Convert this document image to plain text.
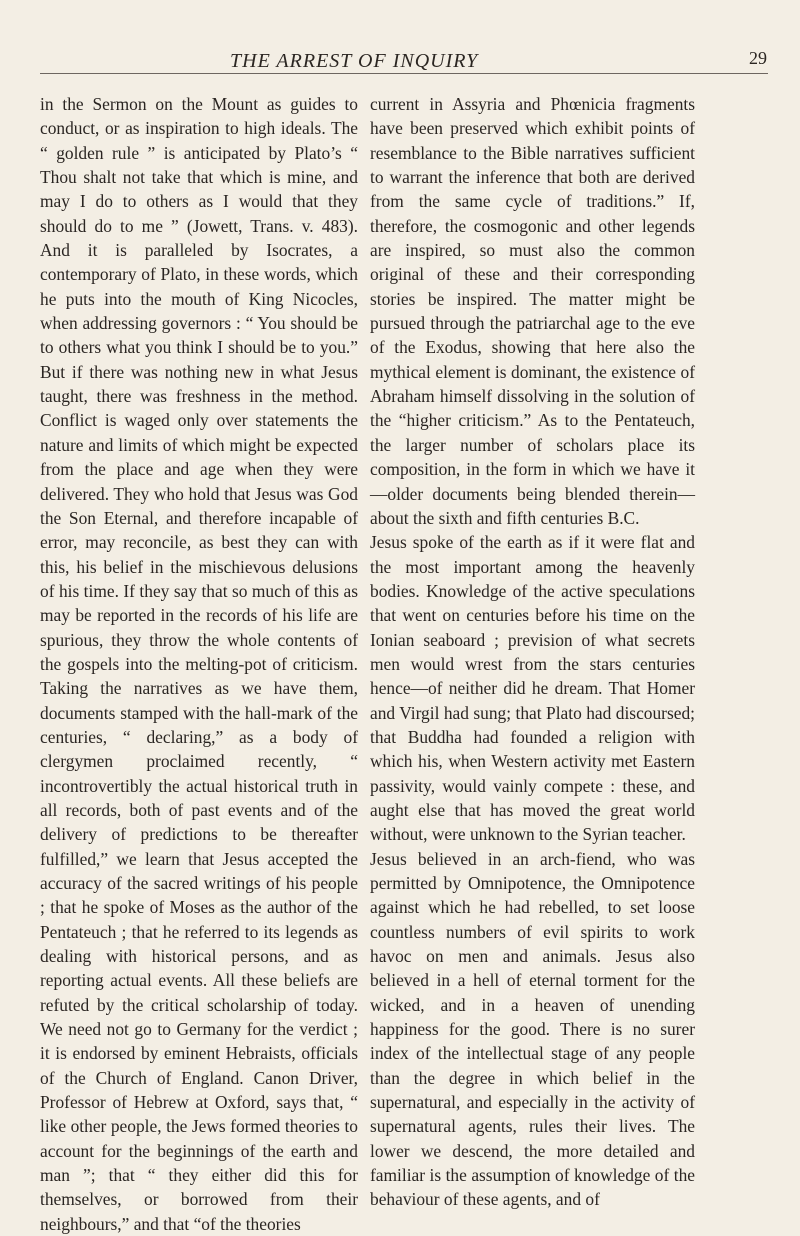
THE ARREST OF INQUIRY	29

in the Sermon on the Mount as guides to conduct, or as inspiration to high ideals. The “ golden rule ” is anticipated by Plato’s “ Thou shalt not take that which is mine, and may I do to others as I would that they should do to me ” (Jowett, Trans. v. 483). And it is paralleled by Isocrates, a contemporary of Plato, in these words, which he puts into the mouth of King Nicocles, when addressing governors : “ You should be to others what you think I should be to you.” But if there was nothing new in what Jesus taught, there was freshness in the method. Conflict is waged only over statements the nature and limits of which might be expected from the place and age when they were delivered. They who hold that Jesus was God the Son Eternal, and therefore incapable of error, may reconcile, as best they can with this, his belief in the mischievous delusions of his time. If they say that so much of this as may be reported in the records of his life are spurious, they throw the whole contents of the gospels into the melting-pot of criticism. Taking the narratives as we have them, documents stamped with the hall-mark of the centuries, “ declaring,” as a body of clergymen proclaimed recently, “ incontrovertibly the actual historical truth in all records, both of past events and of the delivery of predictions to be thereafter fulfilled,” we learn that Jesus accepted the accuracy of the sacred writings of his people ; that he spoke of Moses as the author of the Pentateuch ; that he referred to its legends as dealing with historical persons, and as reporting actual events. All these beliefs are refuted by the critical scholarship of today. We need not go to Germany for the verdict ; it is endorsed by eminent Hebraists, officials of the Church of England. Canon Driver, Professor of Hebrew at Oxford, says that, “ like other people, the Jews formed theories to account for the beginnings of the earth and man ”; that “ they either did this for themselves, or borrowed from their neighbours,” and that “of the theories

current in Assyria and Phœnicia fragments have been preserved which exhibit points of resemblance to the Bible narratives sufficient to warrant the inference that both are derived from the same cycle of traditions.” If, therefore, the cosmogonic and other legends are inspired, so must also the common original of these and their corresponding stories be inspired. The matter might be pursued through the patriarchal age to the eve of the Exodus, showing that here also the mythical element is dominant, the existence of Abraham himself dissolving in the solution of the “higher criticism.” As to the Pentateuch, the larger number of scholars place its composition, in the form in which we have it—older documents being blended therein—about the sixth and fifth centuries B.C.

Jesus spoke of the earth as if it were flat and the most important among the heavenly bodies. Knowledge of the active speculations that went on centuries before his time on the Ionian seaboard ; prevision of what secrets men would wrest from the stars centuries hence—of neither did he dream. That Homer and Virgil had sung; that Plato had discoursed; that Buddha had founded a religion with which his, when Western activity met Eastern passivity, would vainly compete : these, and aught else that has moved the great world without, were unknown to the Syrian teacher.

Jesus believed in an arch-fiend, who was permitted by Omnipotence, the Omnipotence against which he had rebelled, to set loose countless numbers of evil spirits to work havoc on men and animals. Jesus also believed in a hell of eternal torment for the wicked, and in a heaven of unending happiness for the good. There is no surer index of the intellectual stage of any people than the degree in which belief in the supernatural, and especially in the activity of supernatural agents, rules their lives. The lower we descend, the more detailed and familiar is the assumption of knowledge of the behaviour of these agents, and of
